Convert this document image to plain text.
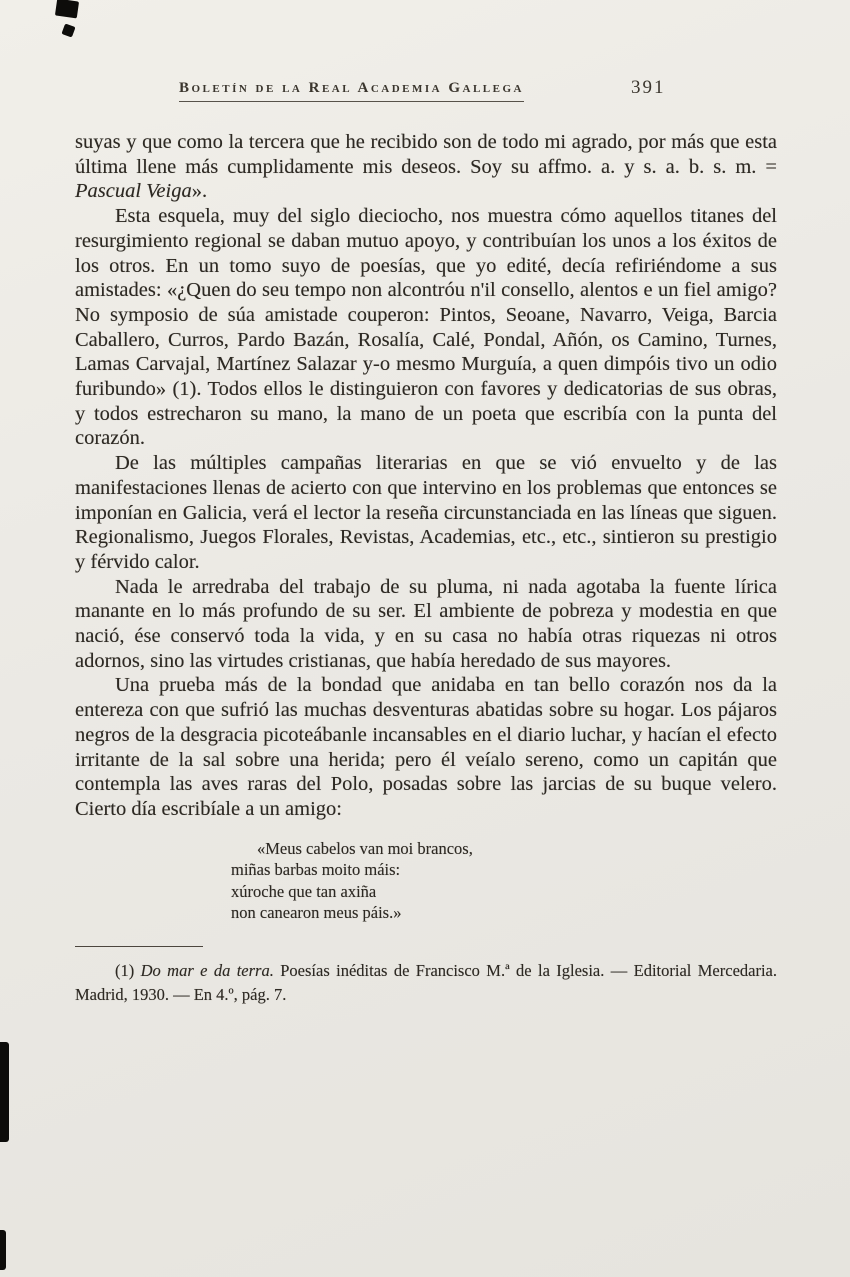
Boletín de la Real Academia Gallega	391

suyas y que como la tercera que he recibido son de todo mi agrado, por más que esta última llene más cumplidamente mis deseos. Soy su affmo. a. y s. a. b. s. m. = Pascual Veiga».

Esta esquela, muy del siglo dieciocho, nos muestra cómo aquellos titanes del resurgimiento regional se daban mutuo apoyo, y contribuían los unos a los éxitos de los otros. En un tomo suyo de poesías, que yo edité, decía refiriéndome a sus amistades: «¿Quen do seu tempo non alcontróu n'il consello, alentos e un fiel amigo? No symposio de súa amistade couperon: Pintos, Seoane, Navarro, Veiga, Barcia Caballero, Curros, Pardo Bazán, Rosalía, Calé, Pondal, Añón, os Camino, Turnes, Lamas Carvajal, Martínez Salazar y-o mesmo Murguía, a quen dimpóis tivo un odio furibundo» (1). Todos ellos le distinguieron con favores y dedicatorias de sus obras, y todos estrecharon su mano, la mano de un poeta que escribía con la punta del corazón.

De las múltiples campañas literarias en que se vió envuelto y de las manifestaciones llenas de acierto con que intervino en los problemas que entonces se imponían en Galicia, verá el lector la reseña circunstanciada en las líneas que siguen. Regionalismo, Juegos Florales, Revistas, Academias, etc., etc., sintieron su prestigio y férvido calor.

Nada le arredraba del trabajo de su pluma, ni nada agotaba la fuente lírica manante en lo más profundo de su ser. El ambiente de pobreza y modestia en que nació, ése conservó toda la vida, y en su casa no había otras riquezas ni otros adornos, sino las virtudes cristianas, que había heredado de sus mayores.

Una prueba más de la bondad que anidaba en tan bello corazón nos da la entereza con que sufrió las muchas desventuras abatidas sobre su hogar. Los pájaros negros de la desgracia picoteábanle incansables en el diario luchar, y hacían el efecto irritante de la sal sobre una herida; pero él veíalo sereno, como un capitán que contempla las aves raras del Polo, posadas sobre las jarcias de su buque velero. Cierto día escribíale a un amigo:

«Meus cabelos van moi brancos,
miñas barbas moito máis:
xúroche que tan axiña
non canearon meus páis.»
(1) Do mar e da terra. Poesías inéditas de Francisco M.ª de la Iglesia. — Editorial Mercedaria. Madrid, 1930. — En 4.º, pág. 7.
